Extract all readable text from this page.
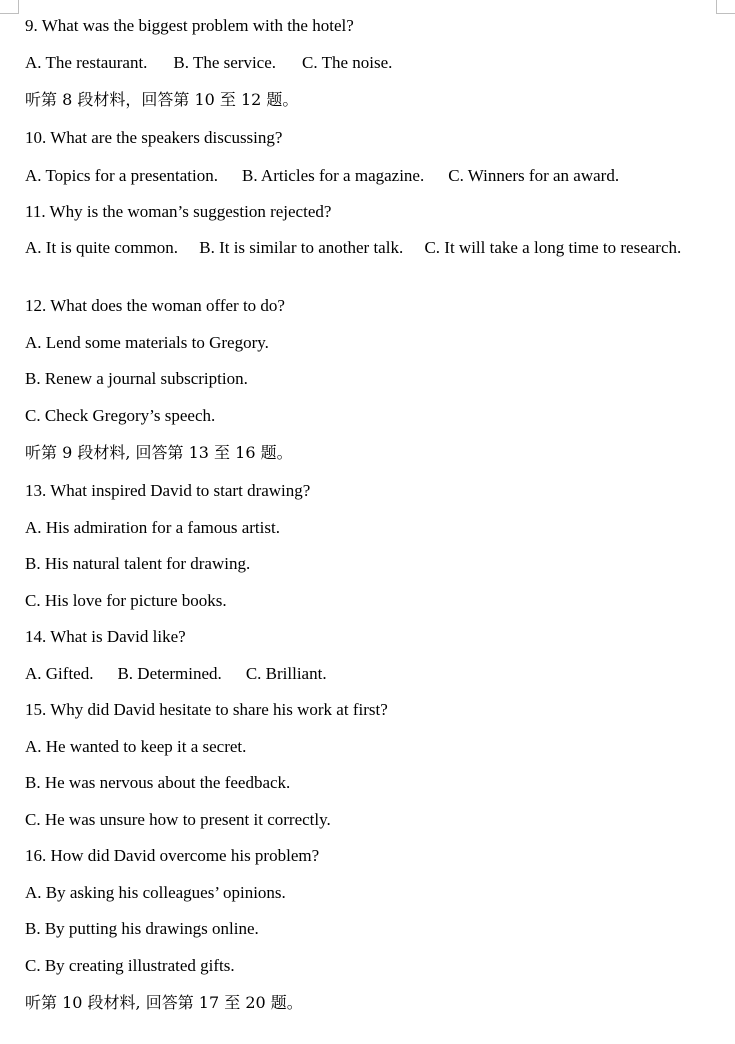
9. What was the biggest problem with the hotel?
A. The restaurant. B. The service. C. The noise.
听第 8 段材料，回答第 10 至 12 题。
10. What are the speakers discussing?
A. Topics for a presentation. B. Articles for a magazine. C. Winners for an award.
11. Why is the woman’s suggestion rejected?
A. It is quite common. B. It is similar to another talk. C. It will take a long time to research.
12. What does the woman offer to do?
A. Lend some materials to Gregory.
B. Renew a journal subscription.
C. Check Gregory’s speech.
听第 9 段材料, 回答第 13 至 16 题。
13. What inspired David to start drawing?
A. His admiration for a famous artist.
B. His natural talent for drawing.
C. His love for picture books.
14. What is David like?
A. Gifted. B. Determined. C. Brilliant.
15. Why did David hesitate to share his work at first?
A. He wanted to keep it a secret.
B. He was nervous about the feedback.
C. He was unsure how to present it correctly.
16. How did David overcome his problem?
A. By asking his colleagues’ opinions.
B. By putting his drawings online.
C. By creating illustrated gifts.
听第 10 段材料, 回答第 17 至 20 题。
